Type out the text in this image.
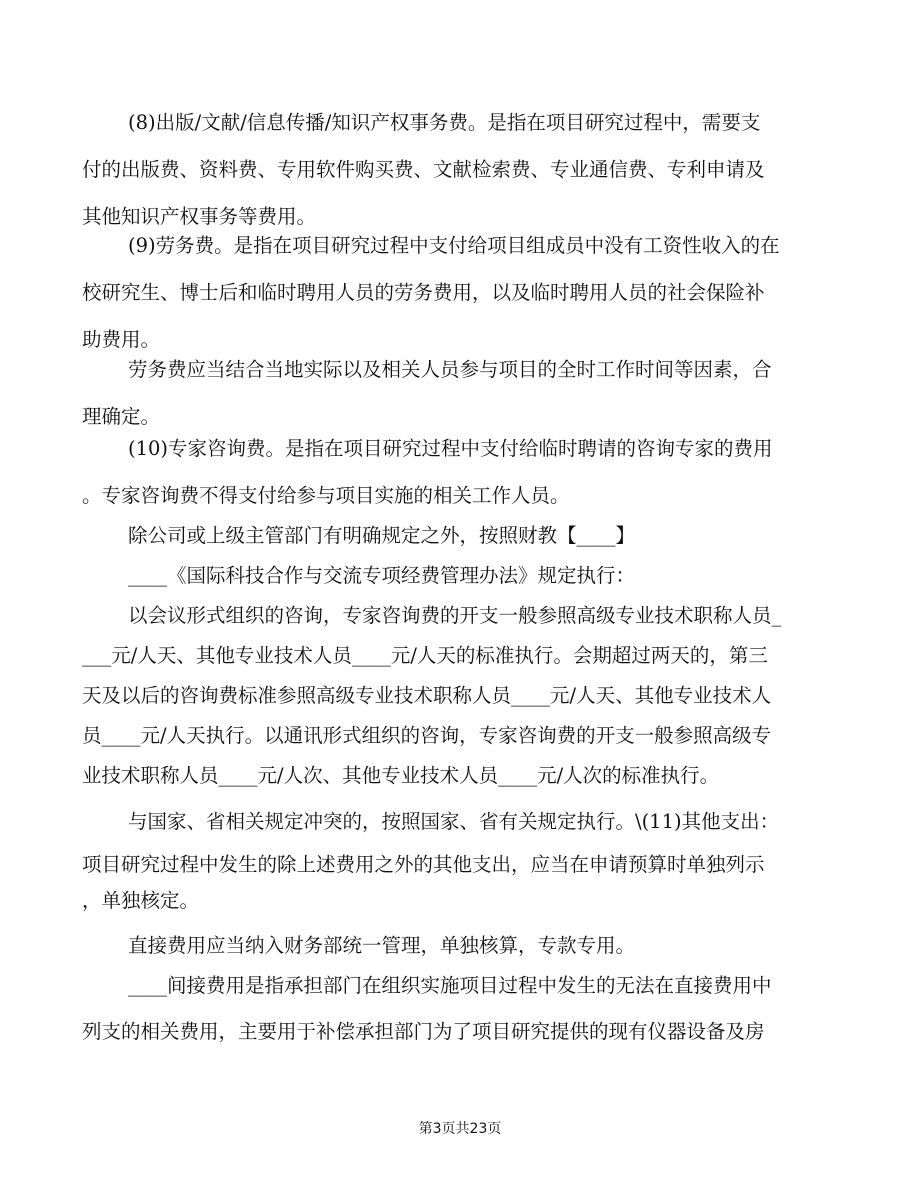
(8)出版/文献/信息传播/知识产权事务费。是指在项目研究过程中，需要支
付的出版费、资料费、专用软件购买费、文献检索费、专业通信费、专利申请及
其他知识产权事务等费用。
(9)劳务费。是指在项目研究过程中支付给项目组成员中没有工资性收入的在
校研究生、博士后和临时聘用人员的劳务费用，以及临时聘用人员的社会保险补
助费用。
劳务费应当结合当地实际以及相关人员参与项目的全时工作时间等因素，合
理确定。
(10)专家咨询费。是指在项目研究过程中支付给临时聘请的咨询专家的费用
。专家咨询费不得支付给参与项目实施的相关工作人员。
除公司或上级主管部门有明确规定之外，按照财教【____】
____《国际科技合作与交流专项经费管理办法》规定执行：
以会议形式组织的咨询，专家咨询费的开支一般参照高级专业技术职称人员_
___元/人天、其他专业技术人员____元/人天的标准执行。会期超过两天的，第三
天及以后的咨询费标准参照高级专业技术职称人员____元/人天、其他专业技术人
员____元/人天执行。以通讯形式组织的咨询，专家咨询费的开支一般参照高级专
业技术职称人员____元/人次、其他专业技术人员____元/人次的标准执行。
与国家、省相关规定冲突的，按照国家、省有关规定执行。\(11)其他支出：
项目研究过程中发生的除上述费用之外的其他支出，应当在申请预算时单独列示
，单独核定。
直接费用应当纳入财务部统一管理，单独核算，专款专用。
____间接费用是指承担部门在组织实施项目过程中发生的无法在直接费用中
列支的相关费用，主要用于补偿承担部门为了项目研究提供的现有仪器设备及房
第3页共23页
